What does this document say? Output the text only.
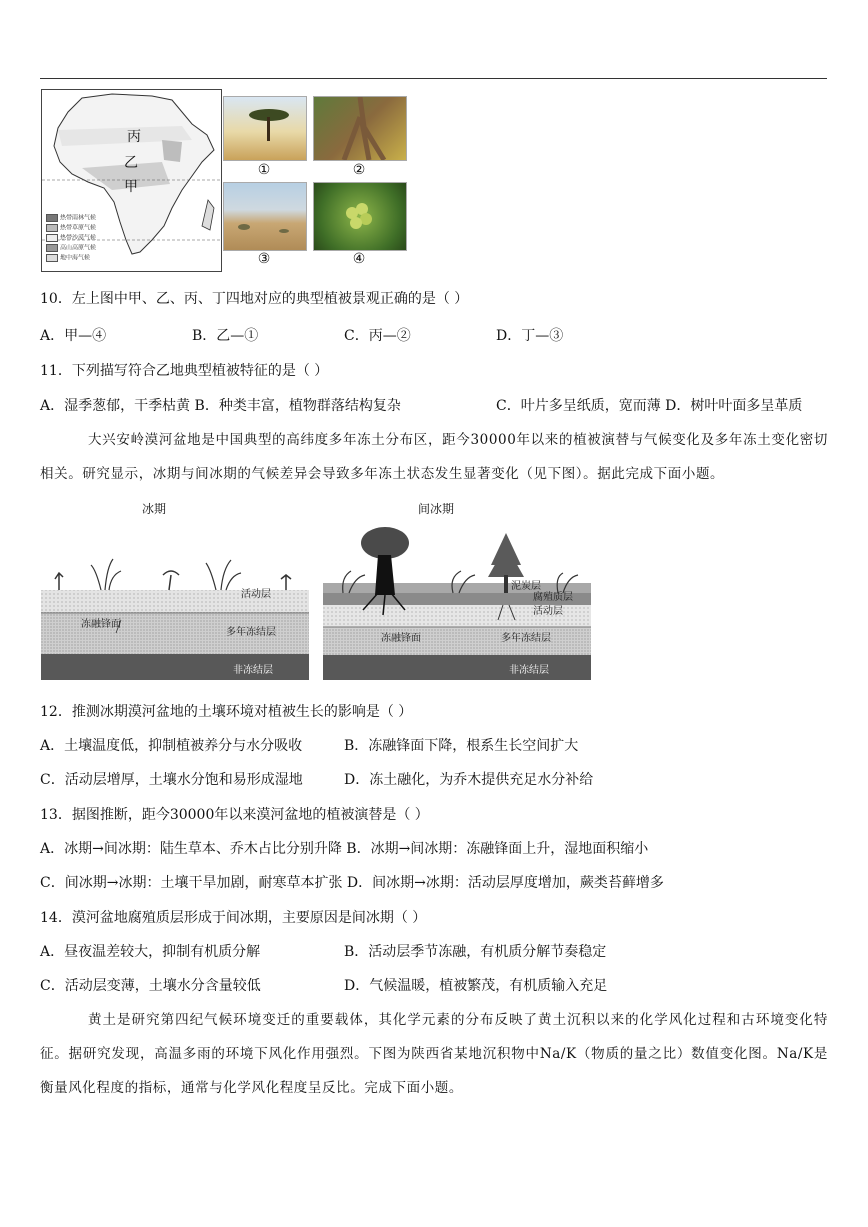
丙
乙
甲
热带雨林气候
热带草原气候
热带沙漠气候
高山高原气候
地中海气候
①	②
③	④
10．左上图中甲、乙、丙、丁四地对应的典型植被景观正确的是（ ）
A．甲—④	B．乙—①	C．丙—②	D．丁—③
11．下列描写符合乙地典型植被特征的是（ ）
A．湿季葱郁，干季枯黄 B．种类丰富，植物群落结构复杂	C．叶片多呈纸质，宽而薄 D．树叶叶面多呈革质
大兴安岭漠河盆地是中国典型的高纬度多年冻土分布区，距今30000年以来的植被演替与气候变化及多年冻土变化密切相关。研究显示，冰期与间冰期的气候差异会导致多年冻土状态发生显著变化（见下图）。据此完成下面小题。
冰期
活动层
冻融锋面
多年冻结层
非冻结层
间冰期
泥炭层
腐殖质层
活动层
冻融锋面	多年冻结层
非冻结层
12．推测冰期漠河盆地的土壤环境对植被生长的影响是（ ）
A．土壤温度低，抑制植被养分与水分吸收	B．冻融锋面下降，根系生长空间扩大
C．活动层增厚，土壤水分饱和易形成湿地	D．冻土融化，为乔木提供充足水分补给
13．据图推断，距今30000年以来漠河盆地的植被演替是（ ）
A．冰期→间冰期：陆生草本、乔木占比分别升降 B．冰期→间冰期：冻融锋面上升，湿地面积缩小
C．间冰期→冰期：土壤干旱加剧，耐寒草本扩张 D．间冰期→冰期：活动层厚度增加，蕨类苔藓增多
14．漠河盆地腐殖质层形成于间冰期，主要原因是间冰期（ ）
A．昼夜温差较大，抑制有机质分解	B．活动层季节冻融，有机质分解节奏稳定
C．活动层变薄，土壤水分含量较低	D．气候温暖，植被繁茂，有机质输入充足
黄土是研究第四纪气候环境变迁的重要载体，其化学元素的分布反映了黄土沉积以来的化学风化过程和古环境变化特征。据研究发现，高温多雨的环境下风化作用强烈。下图为陕西省某地沉积物中Na/K（物质的量之比）数值变化图。Na/K是衡量风化程度的指标，通常与化学风化程度呈反比。完成下面小题。
